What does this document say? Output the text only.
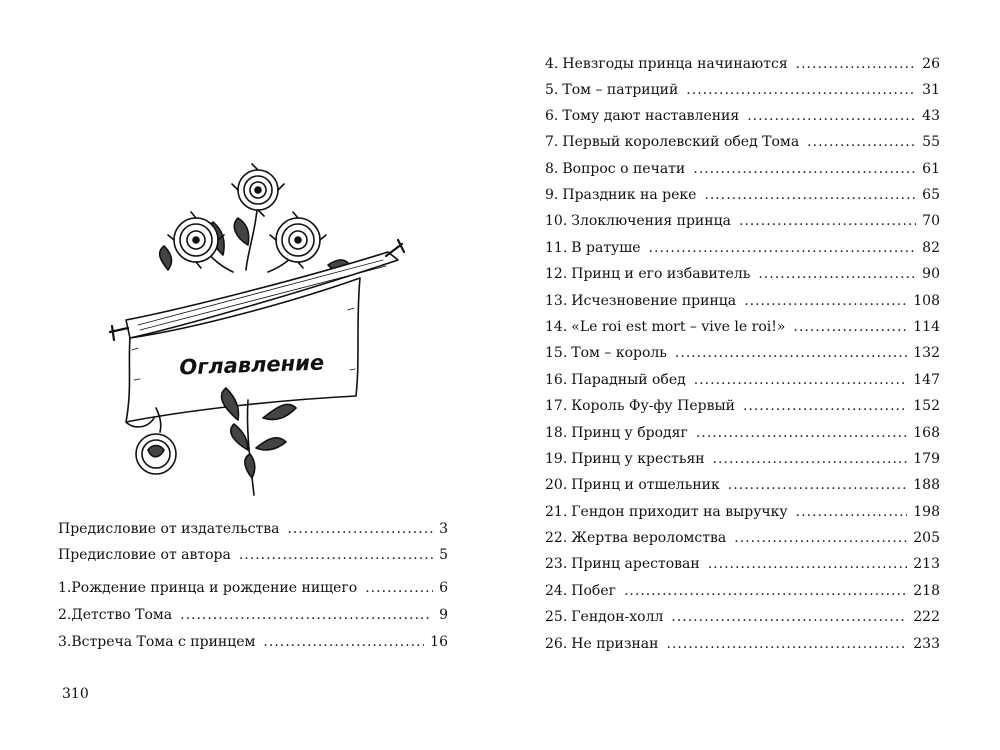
Оглавление
Предисловие от издательства .....	3
Предисловие от автора .....	5
1. Рождение принца и рождение нищего .....	6
2. Детство Тома .....	9
3. Встреча Тома с принцем .....	16
310
4. Невзгоды принца начинаются .....	26
5. Том – патриций .....	31
6. Тому дают наставления .....	43
7. Первый королевский обед Тома .....	55
8. Вопрос о печати .....	61
9. Праздник на реке .....	65
10. Злоключения принца .....	70
11. В ратуше .....	82
12. Принц и его избавитель .....	90
13. Исчезновение принца .....	108
14. «Le roi est mort – vive le roi!» .....	114
15. Том – король .....	132
16. Парадный обед .....	147
17. Король Фу-фу Первый .....	152
18. Принц у бродяг .....	168
19. Принц у крестьян .....	179
20. Принц и отшельник .....	188
21. Гендон приходит на выручку .....	198
22. Жертва вероломства .....	205
23. Принц арестован .....	213
24. Побег .....	218
25. Гендон-холл .....	222
26. Не признан .....	233
